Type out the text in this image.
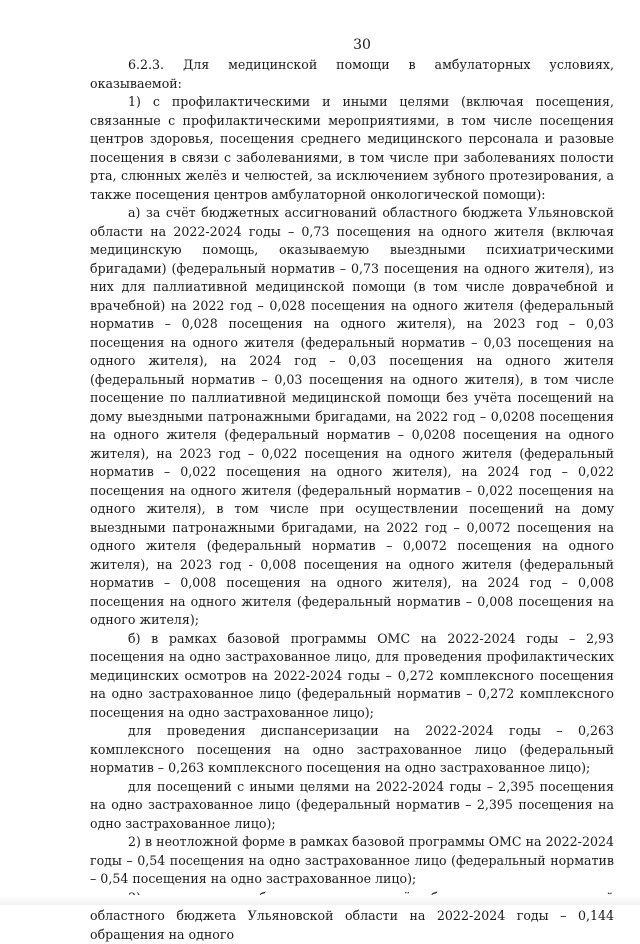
30

6.2.3. Для медицинской помощи в амбулаторных условиях, оказываемой:

1) с профилактическими и иными целями (включая посещения, связанные с профилактическими мероприятиями, в том числе посещения центров здоровья, посещения среднего медицинского персонала и разовые посещения в связи с заболеваниями, в том числе при заболеваниях полости рта, слюнных желёз и челюстей, за исключением зубного протезирования, а также посещения центров амбулаторной онкологической помощи):

а) за счёт бюджетных ассигнований областного бюджета Ульяновской области на 2022-2024 годы – 0,73 посещения на одного жителя (включая медицинскую помощь, оказываемую выездными психиатрическими бригадами) (федеральный норматив – 0,73 посещения на одного жителя), из них для паллиативной медицинской помощи (в том числе доврачебной и врачебной) на 2022 год – 0,028 посещения на одного жителя (федеральный норматив – 0,028 посещения на одного жителя), на 2023 год – 0,03 посещения на одного жителя (федеральный норматив – 0,03 посещения на одного жителя), на 2024 год – 0,03 посещения на одного жителя (федеральный норматив – 0,03 посещения на одного жителя), в том числе посещение по паллиативной медицинской помощи без учёта посещений на дому выездными патронажными бригадами, на 2022 год – 0,0208 посещения на одного жителя (федеральный норматив – 0,0208 посещения на одного жителя), на 2023 год – 0,022 посещения на одного жителя (федеральный норматив – 0,022 посещения на одного жителя), на 2024 год – 0,022 посещения на одного жителя (федеральный норматив – 0,022 посещения на одного жителя), в том числе при осуществлении посещений на дому выездными патронажными бригадами, на 2022 год – 0,0072 посещения на одного жителя (федеральный норматив – 0,0072 посещения на одного жителя), на 2023 год - 0,008 посещения на одного жителя (федеральный норматив – 0,008 посещения на одного жителя), на 2024 год – 0,008 посещения на одного жителя (федеральный норматив – 0,008 посещения на одного жителя);

б) в рамках базовой программы ОМС на 2022-2024 годы – 2,93 посещения на одно застрахованное лицо, для проведения профилактических медицинских осмотров на 2022-2024 годы – 0,272 комплексного посещения на одно застрахованное лицо (федеральный норматив – 0,272 комплексного посещения на одно застрахованное лицо);

для проведения диспансеризации на 2022-2024 годы – 0,263 комплексного посещения на одно застрахованное лицо (федеральный норматив – 0,263 комплексного посещения на одно застрахованное лицо);

для посещений с иными целями на 2022-2024 годы – 2,395 посещения на одно застрахованное лицо (федеральный норматив – 2,395 посещения на одно застрахованное лицо);

2) в неотложной форме в рамках базовой программы ОМС на 2022-2024 годы – 0,54 посещения на одно застрахованное лицо (федеральный норматив – 0,54 посещения на одно застрахованное лицо);

областного бюджета Ульяновской области на 2022-2024 годы – 0,144 обращения на одного
